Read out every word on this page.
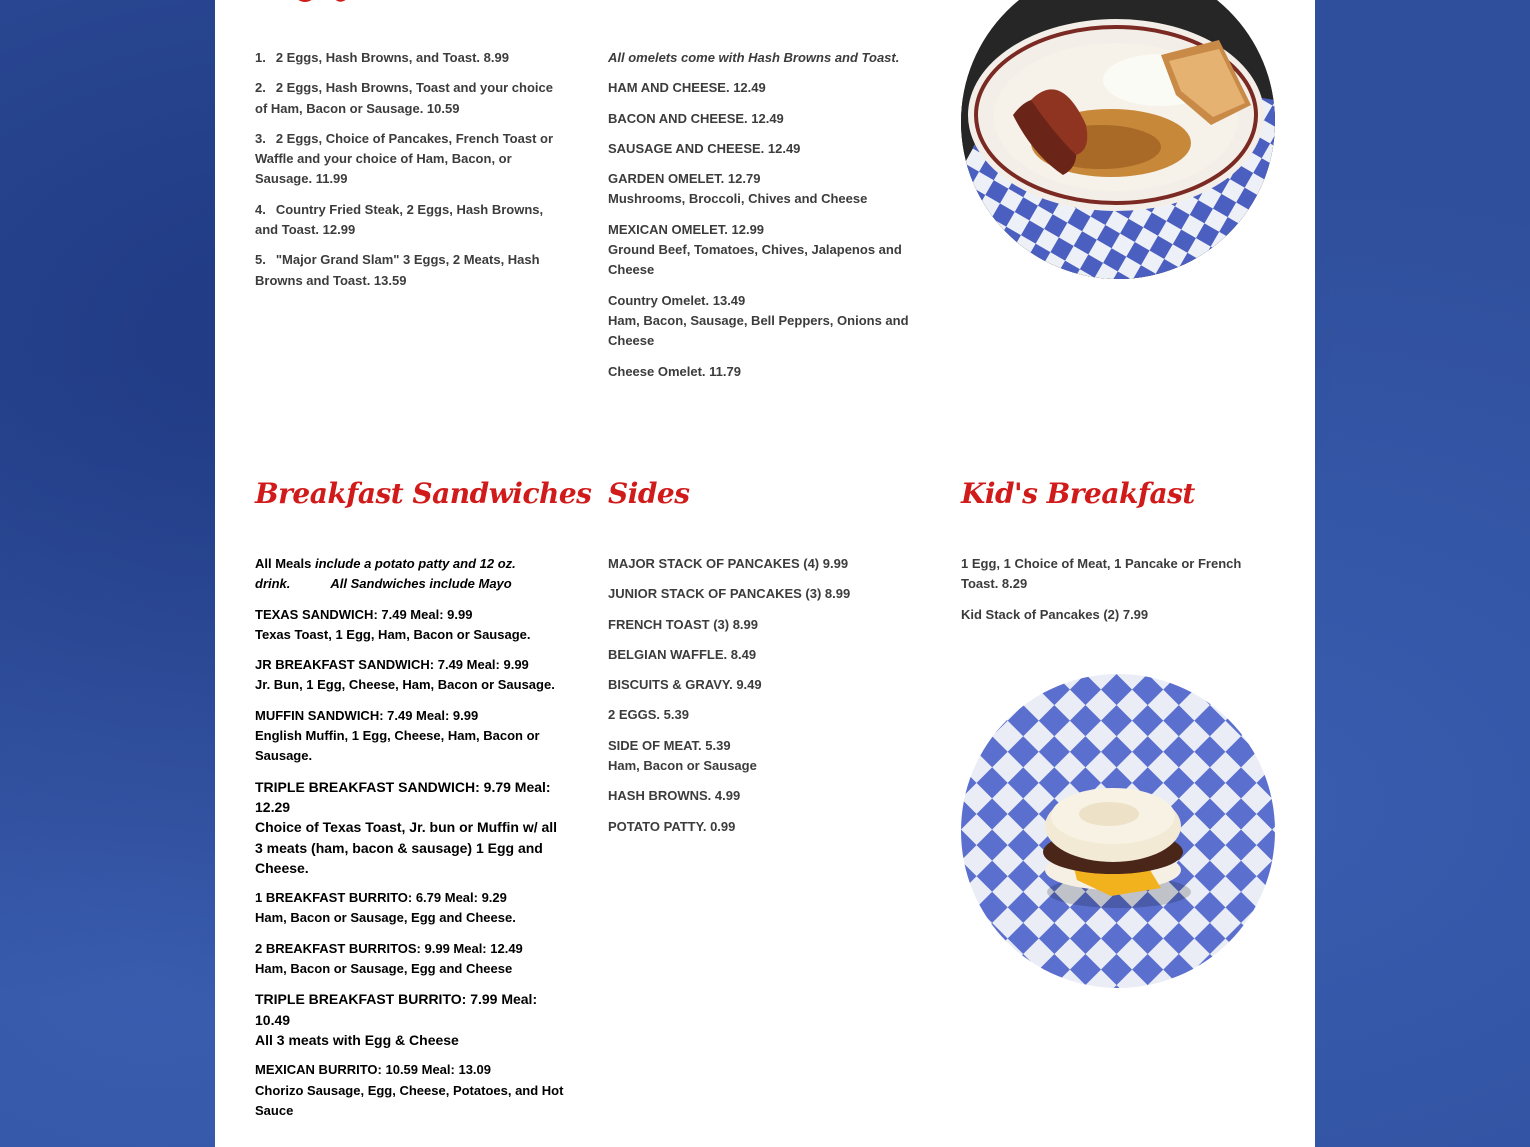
1. 2 Eggs, Hash Browns, and Toast. 8.99

2. 2 Eggs, Hash Browns, Toast and your choice of Ham, Bacon or Sausage. 10.59

3. 2 Eggs, Choice of Pancakes, French Toast or Waffle and your choice of Ham, Bacon, or Sausage. 11.99

4. Country Fried Steak, 2 Eggs, Hash Browns, and Toast. 12.99

5. "Major Grand Slam" 3 Eggs, 2 Meats, Hash Browns and Toast. 13.59

All omelets come with Hash Browns and Toast.

HAM AND CHEESE. 12.49

BACON AND CHEESE. 12.49

SAUSAGE AND CHEESE. 12.49

GARDEN OMELET. 12.79
Mushrooms, Broccoli, Chives and Cheese

MEXICAN OMELET. 12.99
Ground Beef, Tomatoes, Chives, Jalapenos and Cheese

Country Omelet. 13.49
Ham, Bacon, Sausage, Bell Peppers, Onions and Cheese

Cheese Omelet. 11.79

Breakfast Sandwiches Sides	Kid's Breakfast

All Meals include a potato patty and 12 oz. drink.	All Sandwiches include Mayo

TEXAS SANDWICH: 7.49 Meal: 9.99
Texas Toast, 1 Egg, Ham, Bacon or Sausage.

JR BREAKFAST SANDWICH: 7.49 Meal: 9.99
Jr. Bun, 1 Egg, Cheese, Ham, Bacon or Sausage.

MUFFIN SANDWICH: 7.49 Meal: 9.99
English Muffin, 1 Egg, Cheese, Ham, Bacon or Sausage.

TRIPLE BREAKFAST SANDWICH: 9.79 Meal: 12.29
Choice of Texas Toast, Jr. bun or Muffin w/ all 3 meats (ham, bacon & sausage) 1 Egg and Cheese.

1 BREAKFAST BURRITO: 6.79 Meal: 9.29
Ham, Bacon or Sausage, Egg and Cheese.

2 BREAKFAST BURRITOS: 9.99 Meal: 12.49
Ham, Bacon or Sausage, Egg and Cheese

TRIPLE BREAKFAST BURRITO: 7.99 Meal: 10.49
All 3 meats with Egg & Cheese

MEXICAN BURRITO: 10.59 Meal: 13.09
Chorizo Sausage, Egg, Cheese, Potatoes, and Hot Sauce

MAJOR STACK OF PANCAKES (4) 9.99

JUNIOR STACK OF PANCAKES (3) 8.99

FRENCH TOAST (3) 8.99

BELGIAN WAFFLE. 8.49

BISCUITS & GRAVY. 9.49

2 EGGS. 5.39

SIDE OF MEAT. 5.39
Ham, Bacon or Sausage

HASH BROWNS. 4.99

POTATO PATTY. 0.99

1 Egg, 1 Choice of Meat, 1 Pancake or French Toast. 8.29

Kid Stack of Pancakes (2) 7.99
